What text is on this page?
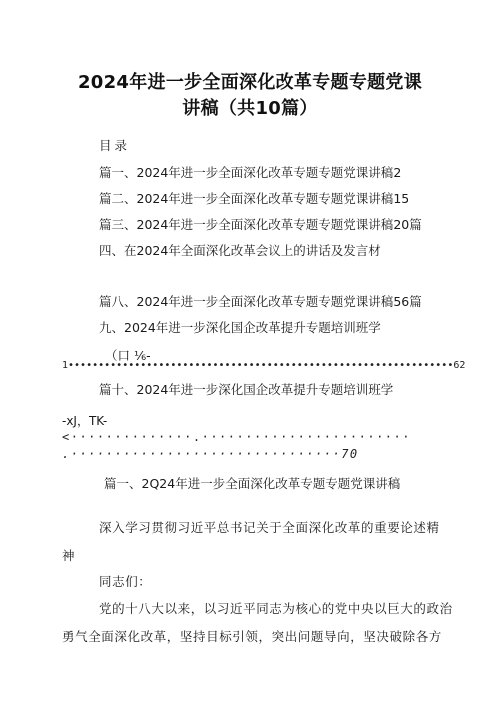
2024年进一步全面深化改革专题专题党课
讲稿（共10篇）
目录
篇一、2024年进一步全面深化改革专题专题党课讲稿2
篇二、2024年进一步全面深化改革专题专题党课讲稿15
篇三、2024年进一步全面深化改革专题专题党课讲稿20篇
四、在2024年全面深化改革会议上的讲话及发言材
篇八、2024年进一步全面深化改革专题专题党课讲稿56篇
九、2024年进一步深化国企改革提升专题培训班学
（口 ⅙-
1••••••••••••••••••••••••••••••••••••••••••••••••••••••••••••••••62
篇十、2024年进一步深化国企改革提升专题培训班学
-xJ，TK-
<··············.························
.·······························70
篇一、2Q24年进一步全面深化改革专题专题党课讲稿
深入学习贯彻习近平总书记关于全面深化改革的重要论述精
神
同志们：
党的十八大以来，以习近平同志为核心的党中央以巨大的政治
勇气全面深化改革，坚持目标引领，突出问题导向，坚决破除各方
